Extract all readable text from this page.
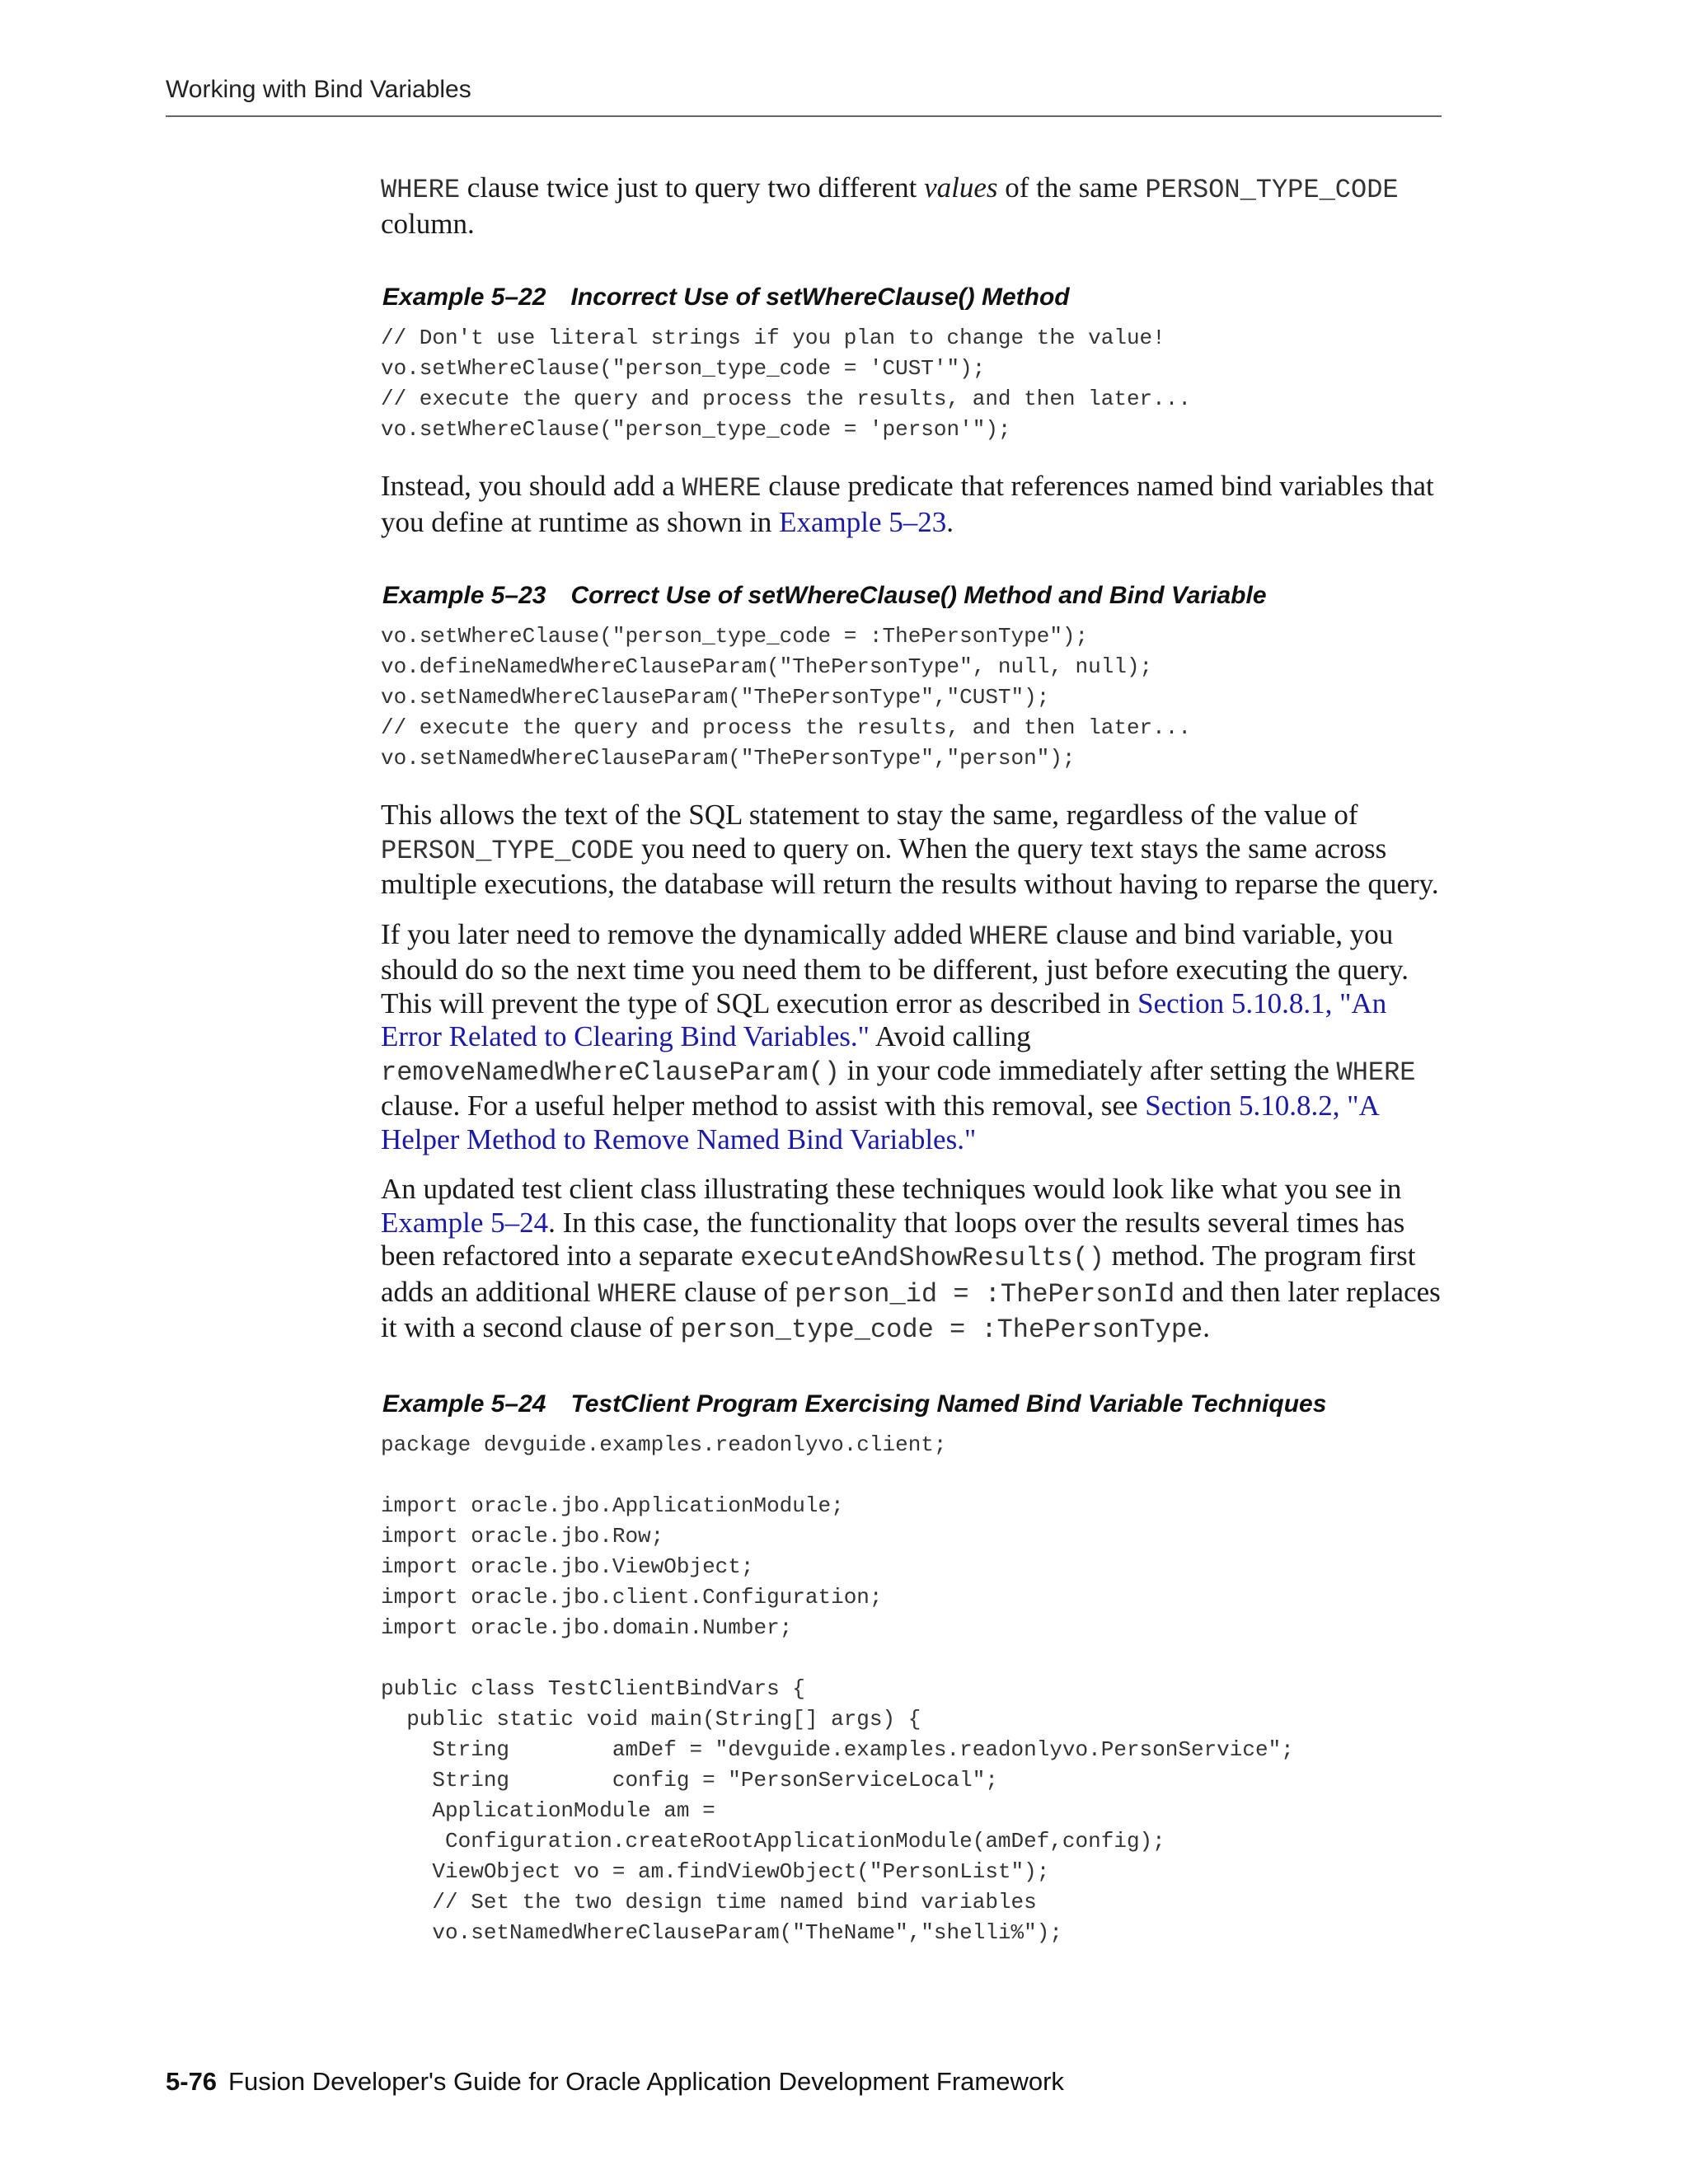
Working with Bind Variables

WHERE clause twice just to query two different values of the same PERSON_TYPE_CODE column.

Example 5–22 Incorrect Use of setWhereClause() Method
// Don't use literal strings if you plan to change the value!
vo.setWhereClause("person_type_code = 'CUST'");
// execute the query and process the results, and then later...
vo.setWhereClause("person_type_code = 'person'");

Instead, you should add a WHERE clause predicate that references named bind variables that you define at runtime as shown in Example 5–23.

Example 5–23 Correct Use of setWhereClause() Method and Bind Variable
vo.setWhereClause("person_type_code = :ThePersonType");
vo.defineNamedWhereClauseParam("ThePersonType", null, null);
vo.setNamedWhereClauseParam("ThePersonType","CUST");
// execute the query and process the results, and then later...
vo.setNamedWhereClauseParam("ThePersonType","person");

This allows the text of the SQL statement to stay the same, regardless of the value of PERSON_TYPE_CODE you need to query on. When the query text stays the same across multiple executions, the database will return the results without having to reparse the query.

If you later need to remove the dynamically added WHERE clause and bind variable, you should do so the next time you need them to be different, just before executing the query. This will prevent the type of SQL execution error as described in Section 5.10.8.1, "An Error Related to Clearing Bind Variables." Avoid calling removeNamedWhereClauseParam() in your code immediately after setting the WHERE clause. For a useful helper method to assist with this removal, see Section 5.10.8.2, "A Helper Method to Remove Named Bind Variables."

An updated test client class illustrating these techniques would look like what you see in Example 5–24. In this case, the functionality that loops over the results several times has been refactored into a separate executeAndShowResults() method. The program first adds an additional WHERE clause of person_id = :ThePersonId and then later replaces it with a second clause of person_type_code = :ThePersonType.

Example 5–24 TestClient Program Exercising Named Bind Variable Techniques
package devguide.examples.readonlyvo.client;

import oracle.jbo.ApplicationModule;
import oracle.jbo.Row;
import oracle.jbo.ViewObject;
import oracle.jbo.client.Configuration;
import oracle.jbo.domain.Number;

public class TestClientBindVars {
public static void main(String[] args) {
String        amDef = "devguide.examples.readonlyvo.PersonService";
String        config = "PersonServiceLocal";
ApplicationModule am =
Configuration.createRootApplicationModule(amDef,config);
ViewObject vo = am.findViewObject("PersonList");
// Set the two design time named bind variables
vo.setNamedWhereClauseParam("TheName","shelli%");
5-76 Fusion Developer's Guide for Oracle Application Development Framework
